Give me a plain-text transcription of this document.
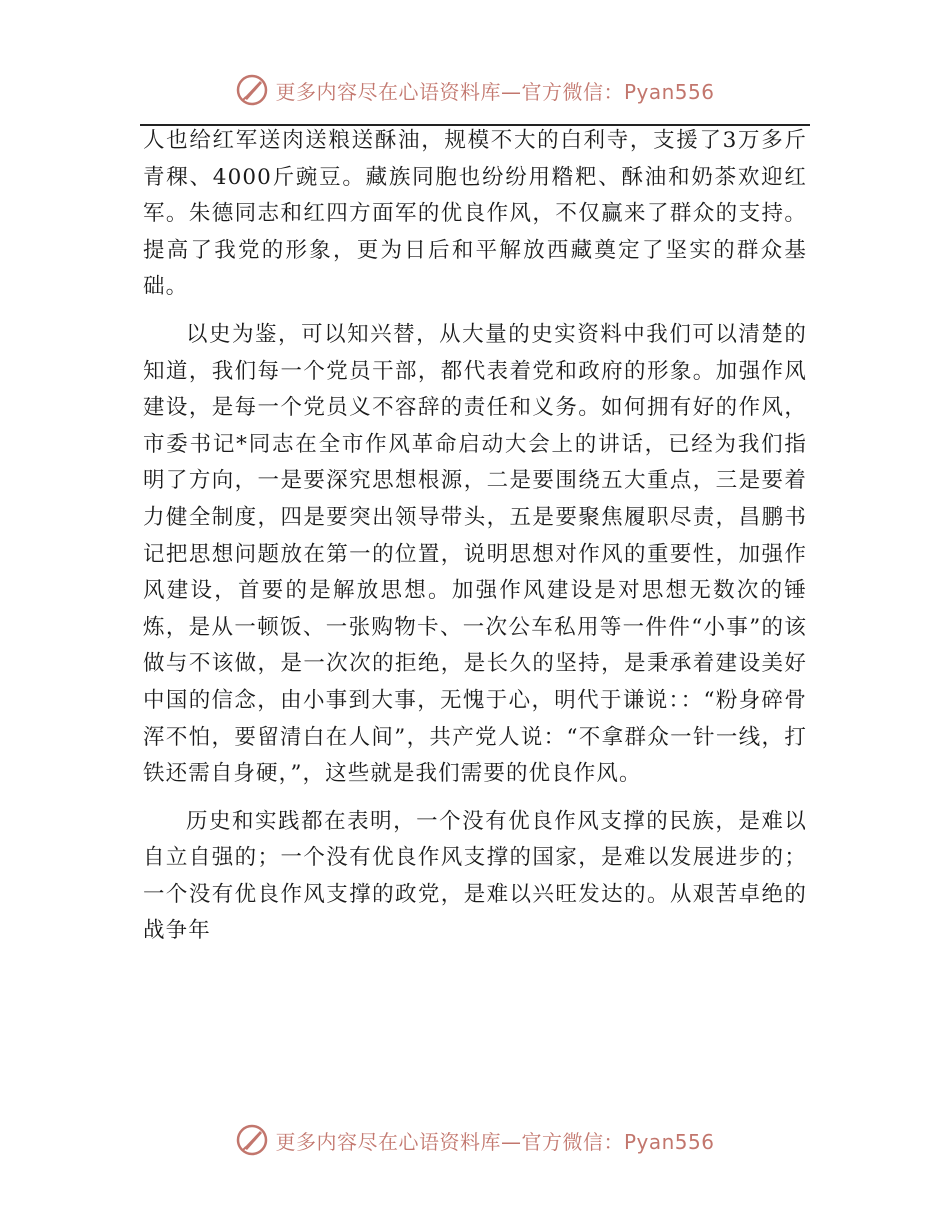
更多内容尽在心语资料库—官方微信：Pyan556

人也给红军送肉送粮送酥油，规模不大的白利寺，支援了3万多斤青稞、4000斤豌豆。藏族同胞也纷纷用糌粑、酥油和奶茶欢迎红军。朱德同志和红四方面军的优良作风，不仅赢来了群众的支持。提高了我党的形象，更为日后和平解放西藏奠定了坚实的群众基础。

以史为鉴，可以知兴替，从大量的史实资料中我们可以清楚的知道，我们每一个党员干部，都代表着党和政府的形象。加强作风建设，是每一个党员义不容辞的责任和义务。如何拥有好的作风，市委书记*同志在全市作风革命启动大会上的讲话，已经为我们指明了方向，一是要深究思想根源，二是要围绕五大重点，三是要着力健全制度，四是要突出领导带头，五是要聚焦履职尽责，昌鹏书记把思想问题放在第一的位置，说明思想对作风的重要性，加强作风建设，首要的是解放思想。加强作风建设是对思想无数次的锤炼，是从一顿饭、一张购物卡、一次公车私用等一件件“小事”的该做与不该做，是一次次的拒绝，是长久的坚持，是秉承着建设美好中国的信念，由小事到大事，无愧于心，明代于谦说：：“粉身碎骨浑不怕，要留清白在人间”，共产党人说：“不拿群众一针一线，打铁还需自身硬，”，这些就是我们需要的优良作风。

历史和实践都在表明，一个没有优良作风支撑的民族，是难以自立自强的；一个没有优良作风支撑的国家，是难以发展进步的；一个没有优良作风支撑的政党，是难以兴旺发达的。从艰苦卓绝的战争年

更多内容尽在心语资料库—官方微信：Pyan556
